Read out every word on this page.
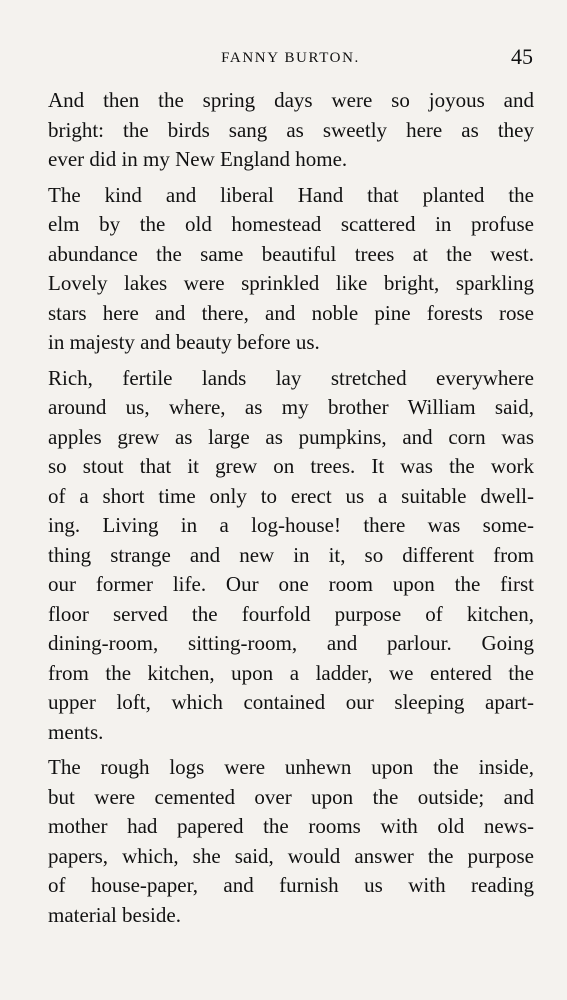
FANNY BURTON.	45
And then the spring days were so joyous and
bright: the birds sang as sweetly here as they
ever did in my New England home.
The kind and liberal Hand that planted the
elm by the old homestead scattered in profuse
abundance the same beautiful trees at the west.
Lovely lakes were sprinkled like bright, sparkling
stars here and there, and noble pine forests rose
in majesty and beauty before us.
Rich, fertile lands lay stretched everywhere
around us, where, as my brother William said,
apples grew as large as pumpkins, and corn was
so stout that it grew on trees. It was the work
of a short time only to erect us a suitable dwell-
ing. Living in a log-house! there was some-
thing strange and new in it, so different from
our former life. Our one room upon the first
floor served the fourfold purpose of kitchen,
dining-room, sitting-room, and parlour. Going
from the kitchen, upon a ladder, we entered the
upper loft, which contained our sleeping apart-
ments.
The rough logs were unhewn upon the inside,
but were cemented over upon the outside; and
mother had papered the rooms with old news-
papers, which, she said, would answer the purpose
of house-paper, and furnish us with reading
material beside.
